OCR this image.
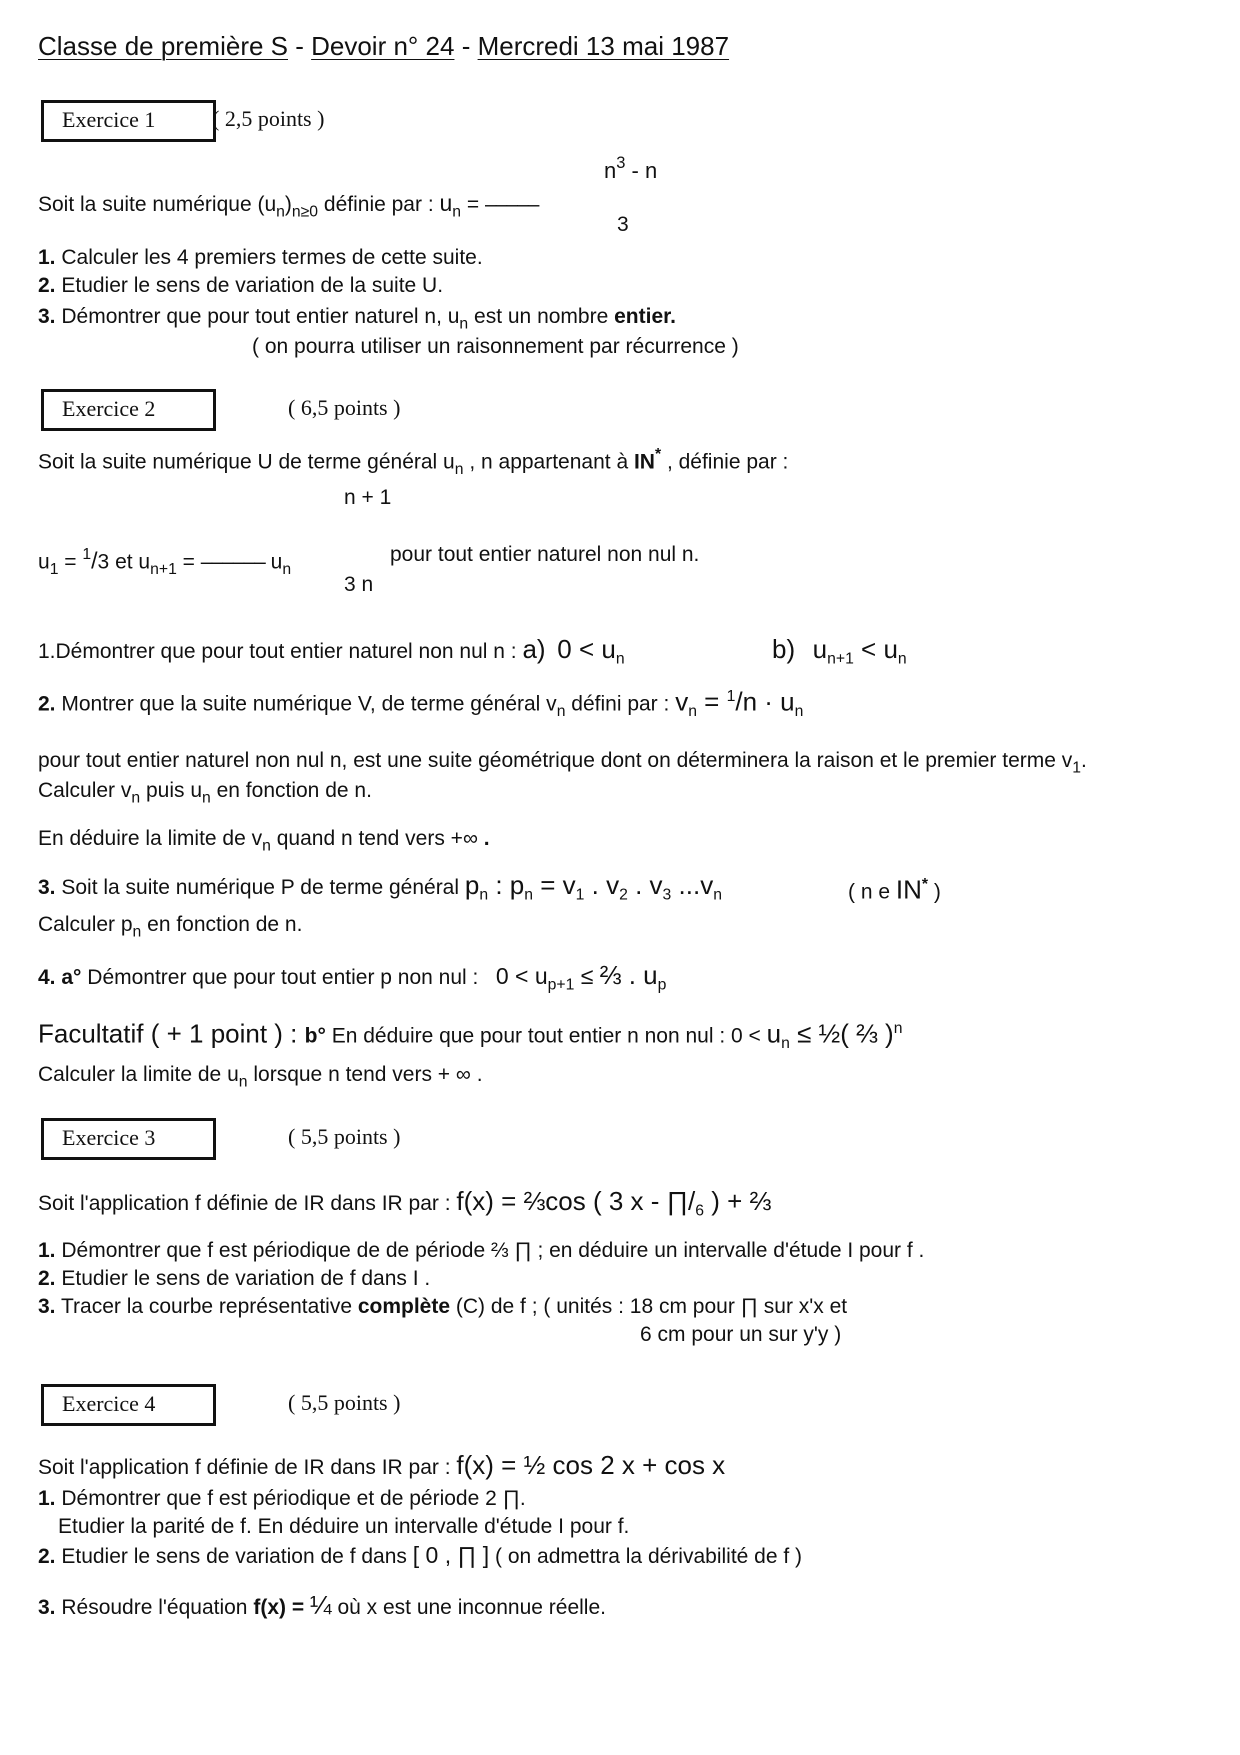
Classe de première S - Devoir n° 24 - Mercredi 13 mai 1987
Exercice 1	( 2,5 points )
$n^3$ - n
Soit la suite numérique $(u_n)_{n\ge 0}$ définie par : $u_n$ = –––––
3
1. Calculer les 4 premiers termes de cette suite.
2. Etudier le sens de variation de la suite U.
3. Démontrer que pour tout entier naturel n, $u_n$ est un nombre entier.
( on pourra utiliser un raisonnement par récurrence )
Exercice 2	( 6,5 points )
Soit la suite numérique U de terme général $u_n$ , n appartenant à IN* , définie par :
n + 1
$u_1 = ^1/3$ et $u_{n+1}$ = –––––– $u_n$
pour tout entier naturel non nul n.
3 n
1.Démontrer que pour tout entier naturel non nul n : a) $0 < u_n$	b) $u_{n+1} < u_n$
2. Montrer que la suite numérique V, de terme général $v_n$ défini par : $v_n = ^1/n \cdot u_n$
pour tout entier naturel non nul n, est une suite géométrique dont on déterminera la raison et le premier terme $v_1$.
Calculer $v_n$ puis $u_n$ en fonction de n.
En déduire la limite de $v_n$ quand n tend vers +∞ .
3. Soit la suite numérique P de terme général $p_n$ : $p_n = v_1$ . $v_2$ . $v_3$ $...v_n$	( n e IN* )
Calculer $p_n$ en fonction de n.
4. a° Démontrer que pour tout entier p non nul :   $0 < u_{p+1}$ ≤ ⅔ . $u_p$
Facultatif ( + 1 point ) : b° En déduire que pour tout entier n non nul : $0 < u_n$ ≤ ½( ⅔ )$^n$
Calculer la limite de $u_n$ lorsque n tend vers + ∞ .
Exercice 3	( 5,5 points )
Soit l'application f définie de IR dans IR par : f(x) = ⅔cos ( 3 x - $\prod/_6$ ) + ⅔
1. Démontrer que f est périodique de de période ⅔ ∏ ; en déduire un intervalle d'étude I pour f .
2. Etudier le sens de variation de f dans I .
3. Tracer la courbe représentative complète (C) de f ; ( unités : 18 cm pour ∏ sur x'x et
6 cm pour un sur y'y )
Exercice 4	( 5,5 points )
Soit l'application f définie de IR dans IR par : f(x) = ½ cos 2 x + cos x
1. Démontrer que f est périodique et de période 2 ∏.
Etudier la parité de f. En déduire un intervalle d'étude I pour f.
2. Etudier le sens de variation de f dans [ 0 , ∏ ] ( on admettra la dérivabilité de f )
3. Résoudre l'équation f(x) = ¼ où x est une inconnue réelle.
